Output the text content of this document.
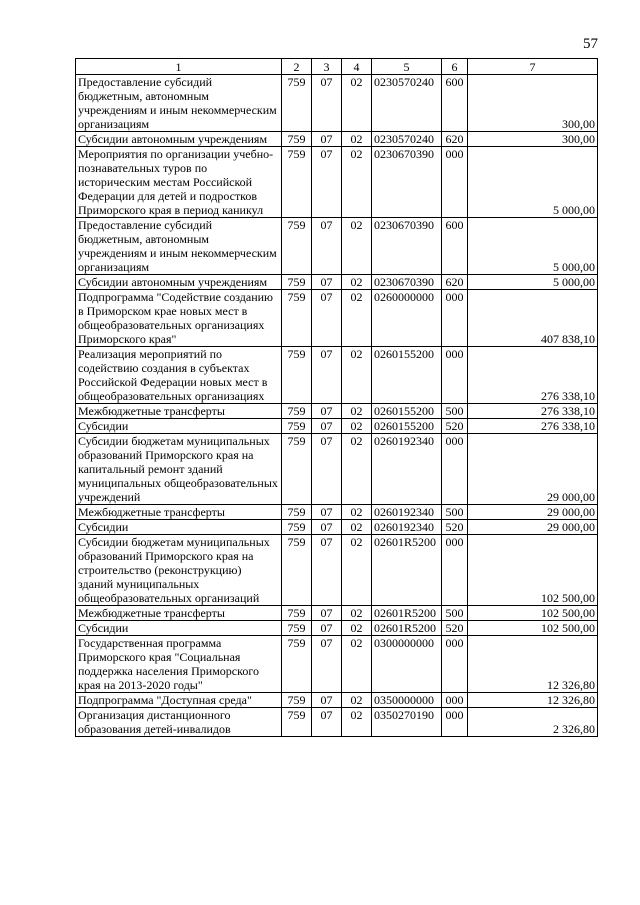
57
1	2	3	4	5	6	7
Предоставление субсидий бюджетным, автономным учреждениям и иным некоммерческим организациям	759	07	02	0230570240	600	300,00
Субсидии автономным учреждениям	759	07	02	0230570240	620	300,00
Мероприятия по организации учебно-познавательных туров по историческим местам Российской Федерации для детей и подростков Приморского края в период каникул	759	07	02	0230670390	000	5 000,00
Предоставление субсидий бюджетным, автономным учреждениям и иным некоммерческим организациям	759	07	02	0230670390	600	5 000,00
Субсидии автономным учреждениям	759	07	02	0230670390	620	5 000,00
Подпрограмма "Содействие созданию в Приморском крае новых мест в общеобразовательных организациях Приморского края"	759	07	02	0260000000	000	407 838,10
Реализация мероприятий по содействию создания в субъектах Российской Федерации новых мест в общеобразовательных организациях	759	07	02	0260155200	000	276 338,10
Межбюджетные трансферты	759	07	02	0260155200	500	276 338,10
Субсидии	759	07	02	0260155200	520	276 338,10
Субсидии бюджетам муниципальных образований Приморского края на капитальный ремонт зданий муниципальных общеобразовательных учреждений	759	07	02	0260192340	000	29 000,00
Межбюджетные трансферты	759	07	02	0260192340	500	29 000,00
Субсидии	759	07	02	0260192340	520	29 000,00
Субсидии бюджетам муниципальных образований Приморского края на строительство (реконструкцию) зданий муниципальных общеобразовательных организаций	759	07	02	02601R5200	000	102 500,00
Межбюджетные трансферты	759	07	02	02601R5200	500	102 500,00
Субсидии	759	07	02	02601R5200	520	102 500,00
Государственная программа Приморского края "Социальная поддержка населения Приморского края на 2013-2020 годы"	759	07	02	0300000000	000	12 326,80
Подпрограмма "Доступная среда"	759	07	02	0350000000	000	12 326,80
Организация дистанционного образования детей-инвалидов	759	07	02	0350270190	000	2 326,80
